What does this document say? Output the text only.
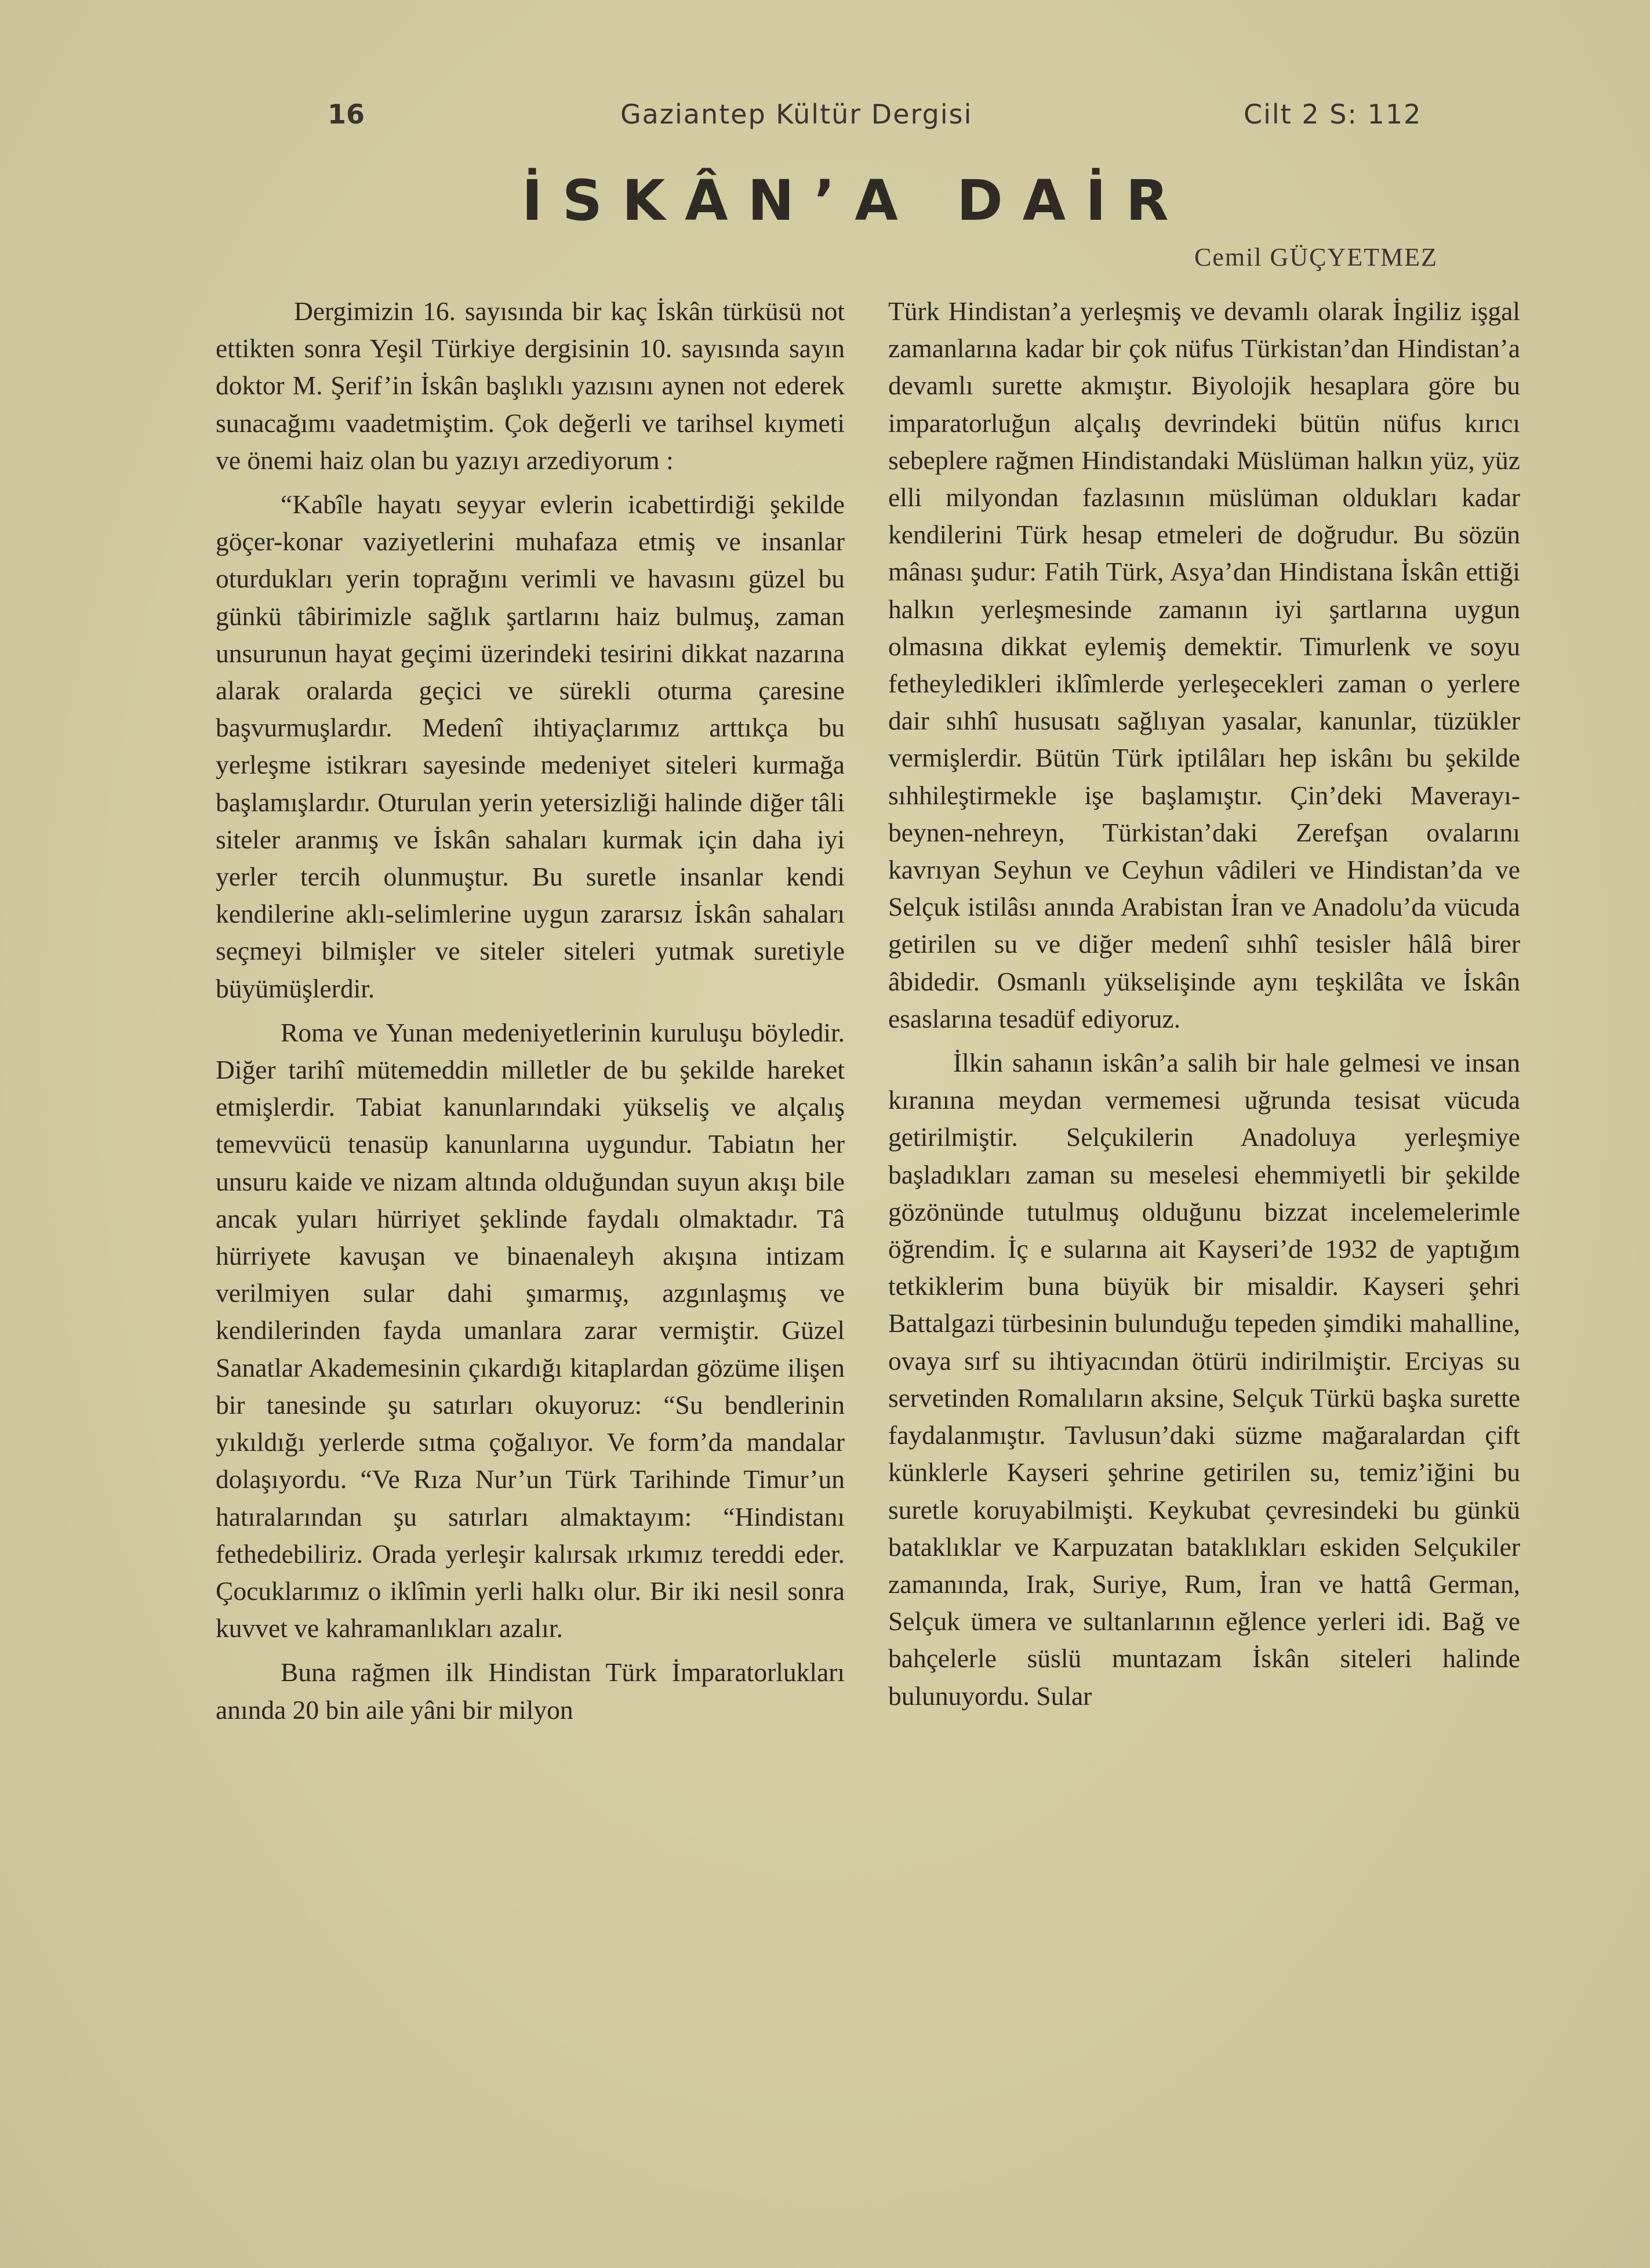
16	Gaziantep Kültür Dergisi	Cilt 2 S: 112
İSKÂN’A DAİR
Cemil GÜÇYETMEZ

Dergimizin 16. sayısında bir kaç İskân türküsü not ettikten sonra Yeşil Türkiye dergisinin 10. sayısında sayın doktor M. Şerif’in İskân başlıklı yazısını aynen not ederek sunacağımı vaadetmiştim. Çok değerli ve tarihsel kıymeti ve önemi haiz olan bu yazıyı arzediyorum :

“Kabîle hayatı seyyar evlerin icabettirdiği şekilde göçer-konar vaziyetlerini muhafaza etmiş ve insanlar oturdukları yerin toprağını verimli ve havasını güzel bu günkü tâbirimizle sağlık şartlarını haiz bulmuş, zaman unsurunun hayat geçimi üzerindeki tesirini dikkat nazarına alarak oralarda geçici ve sürekli oturma çaresine başvurmuşlardır. Medenî ihtiyaçlarımız arttıkça bu yerleşme istikrarı sayesinde medeniyet siteleri kurmağa başlamışlardır. Oturulan yerin yetersizliği halinde diğer tâli siteler aranmış ve İskân sahaları kurmak için daha iyi yerler tercih olunmuştur. Bu suretle insanlar kendi kendilerine aklı-selimlerine uygun zararsız İskân sahaları seçmeyi bilmişler ve siteler siteleri yutmak suretiyle büyümüşlerdir.

Roma ve Yunan medeniyetlerinin kuruluşu böyledir. Diğer tarihî mütemeddin milletler de bu şekilde hareket etmişlerdir. Tabiat kanunlarındaki yükseliş ve alçalış temevvücü tenasüp kanunlarına uygundur. Tabiatın her unsuru kaide ve nizam altında olduğundan suyun akışı bile ancak yuları hürriyet şeklinde faydalı olmaktadır. Tâ hürriyete kavuşan ve binaenaleyh akışına intizam verilmiyen sular dahi şımarmış, azgınlaşmış ve kendilerinden fayda umanlara zarar vermiştir. Güzel Sanatlar Akademesinin çıkardığı kitaplardan gözüme ilişen bir tanesinde şu satırları okuyoruz: “Su bendlerinin yıkıldığı yerlerde sıtma çoğalıyor. Ve form’da mandalar dolaşıyordu. “Ve Rıza Nur’un Türk Tarihinde Timur’un hatıralarından şu satırları almaktayım: “Hindistanı fethedebiliriz. Orada yerleşir kalırsak ırkımız tereddi eder. Çocuklarımız o iklîmin yerli halkı olur. Bir iki nesil sonra kuvvet ve kahramanlıkları azalır.

Buna rağmen ilk Hindistan Türk İmparatorlukları anında 20 bin aile yâni bir milyon

Türk Hindistan’a yerleşmiş ve devamlı olarak İngiliz işgal zamanlarına kadar bir çok nüfus Türkistan’dan Hindistan’a devamlı surette akmıştır. Biyolojik hesaplara göre bu imparatorluğun alçalış devrindeki bütün nüfus kırıcı sebeplere rağmen Hindistandaki Müslüman halkın yüz, yüz elli milyondan fazlasının müslüman oldukları kadar kendilerini Türk hesap etmeleri de doğrudur. Bu sözün mânası şudur: Fatih Türk, Asya’dan Hindistana İskân ettiği halkın yerleşmesinde zamanın iyi şartlarına uygun olmasına dikkat eylemiş demektir. Timurlenk ve soyu fetheyledikleri iklîmlerde yerleşecekleri zaman o yerlere dair sıhhî hususatı sağlıyan yasalar, kanunlar, tüzükler vermişlerdir. Bütün Türk iptilâları hep iskânı bu şekilde sıhhileştirmekle işe başlamıştır. Çin’deki Maverayı-beynen-nehreyn, Türkistan’daki Zerefşan ovalarını kavrıyan Seyhun ve Ceyhun vâdileri ve Hindistan’da ve Selçuk istilâsı anında Arabistan İran ve Anadolu’da vücuda getirilen su ve diğer medenî sıhhî tesisler hâlâ birer âbidedir. Osmanlı yükselişinde aynı teşkilâta ve İskân esaslarına tesadüf ediyoruz.

İlkin sahanın iskân’a salih bir hale gelmesi ve insan kıranına meydan vermemesi uğrunda tesisat vücuda getirilmiştir. Selçukilerin Anadoluya yerleşmiye başladıkları zaman su meselesi ehemmiyetli bir şekilde gözönünde tutulmuş olduğunu bizzat incelemelerimle öğrendim. İç e sularına ait Kayseri’de 1932 de yaptığım tetkiklerim buna büyük bir misaldir. Kayseri şehri Battalgazi türbesinin bulunduğu tepeden şimdiki mahalline, ovaya sırf su ihtiyacından ötürü indirilmiştir. Erciyas su servetinden Romalıların aksine, Selçuk Türkü başka surette faydalanmıştır. Tavlusun’daki süzme mağaralardan çift künklerle Kayseri şehrine getirilen su, temiz’iğini bu suretle koruyabilmişti. Keykubat çevresindeki bu günkü bataklıklar ve Karpuzatan bataklıkları eskiden Selçukiler zamanında, Irak, Suriye, Rum, İran ve hattâ German, Selçuk ümera ve sultanlarının eğlence yerleri idi. Bağ ve bahçelerle süslü muntazam İskân siteleri halinde bulunuyordu. Sular
